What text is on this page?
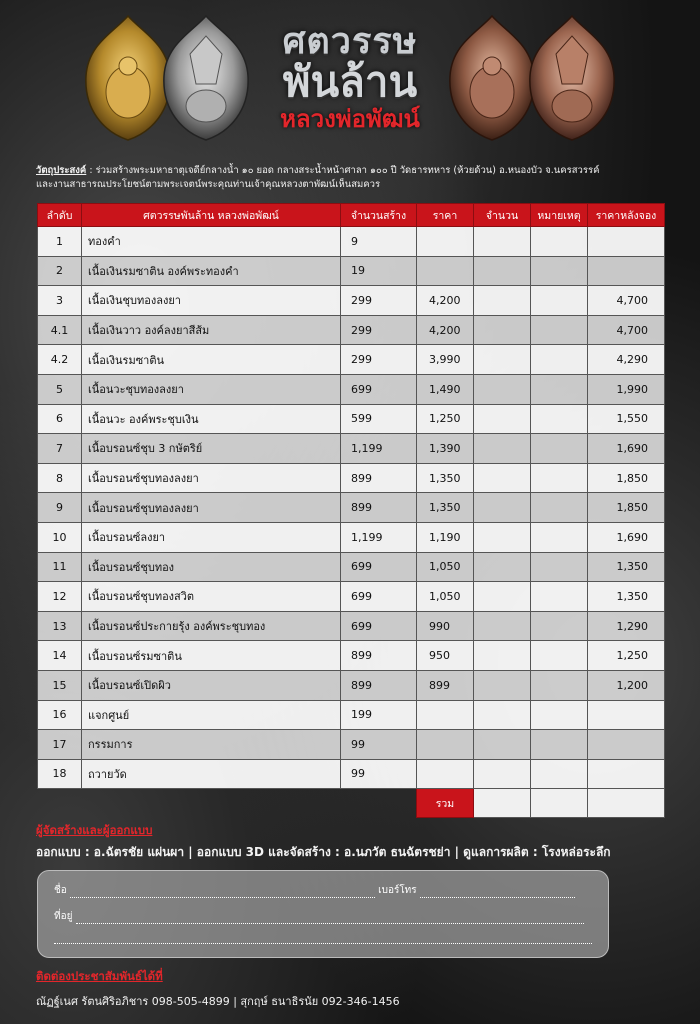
ศตวรรษ
พันล้าน
หลวงพ่อพัฒน์
วัตถุประสงค์ : ร่วมสร้างพระมหาธาตุเจดีย์กลางน้ำ ๑๐ ยอด กลางสระน้ำหน้าศาลา ๑๐๐ ปี วัดธารทหาร (ห้วยด้วน) อ.หนองบัว จ.นครสวรรค์
และงานสาธารณประโยชน์ตามพระเจตน์พระคุณท่านเจ้าคุณหลวงตาพัฒน์เห็นสมควร
ลำดับ	ศตวรรษพันล้าน หลวงพ่อพัฒน์	จำนวนสร้าง	ราคา	จำนวน	หมายเหตุ	ราคาหลังจอง
1	ทองคำ	9				
2	เนื้อเงินรมซาติน องค์พระทองคำ	19				
3	เนื้อเงินชุบทองลงยา	299	4,200			4,700
4.1	เนื้อเงินวาว องค์ลงยาสีส้ม	299	4,200			4,700
4.2	เนื้อเงินรมซาติน	299	3,990			4,290
5	เนื้อนวะชุบทองลงยา	699	1,490			1,990
6	เนื้อนวะ องค์พระชุบเงิน	599	1,250			1,550
7	เนื้อบรอนซ์ชุบ 3 กษัตริย์	1,199	1,390			1,690
8	เนื้อบรอนซ์ชุบทองลงยา	899	1,350			1,850
9	เนื้อบรอนซ์ชุบทองลงยา	899	1,350			1,850
10	เนื้อบรอนซ์ลงยา	1,199	1,190			1,690
11	เนื้อบรอนซ์ชุบทอง	699	1,050			1,350
12	เนื้อบรอนซ์ชุบทองสวิต	699	1,050			1,350
13	เนื้อบรอนซ์ประกายรุ้ง องค์พระชุบทอง	699	990			1,290
14	เนื้อบรอนซ์รมซาติน	899	950			1,250
15	เนื้อบรอนซ์เปิดผิว	899	899			1,200
16	แจกศูนย์	199				
17	กรรมการ	99				
18	ถวายวัด	99				
			รวม			
ผู้จัดสร้างและผู้ออกแบบ
ออกแบบ : อ.ฉัตรชัย แผ่นผา | ออกแบบ 3D และจัดสร้าง : อ.นภวัต ธนฉัตรชย่า | ดูแลการผลิต : โรงหล่อระลึก
ชื่อ	เบอร์โทร
ที่อยู่
ติดต่องประชาสัมพันธ์ได้ที่
ณัฏฐ์เนศ รัตนศิริอภิชาร 098-505-4899 | สุกฤษ์ ธนาธิรนัย 092-346-1456
